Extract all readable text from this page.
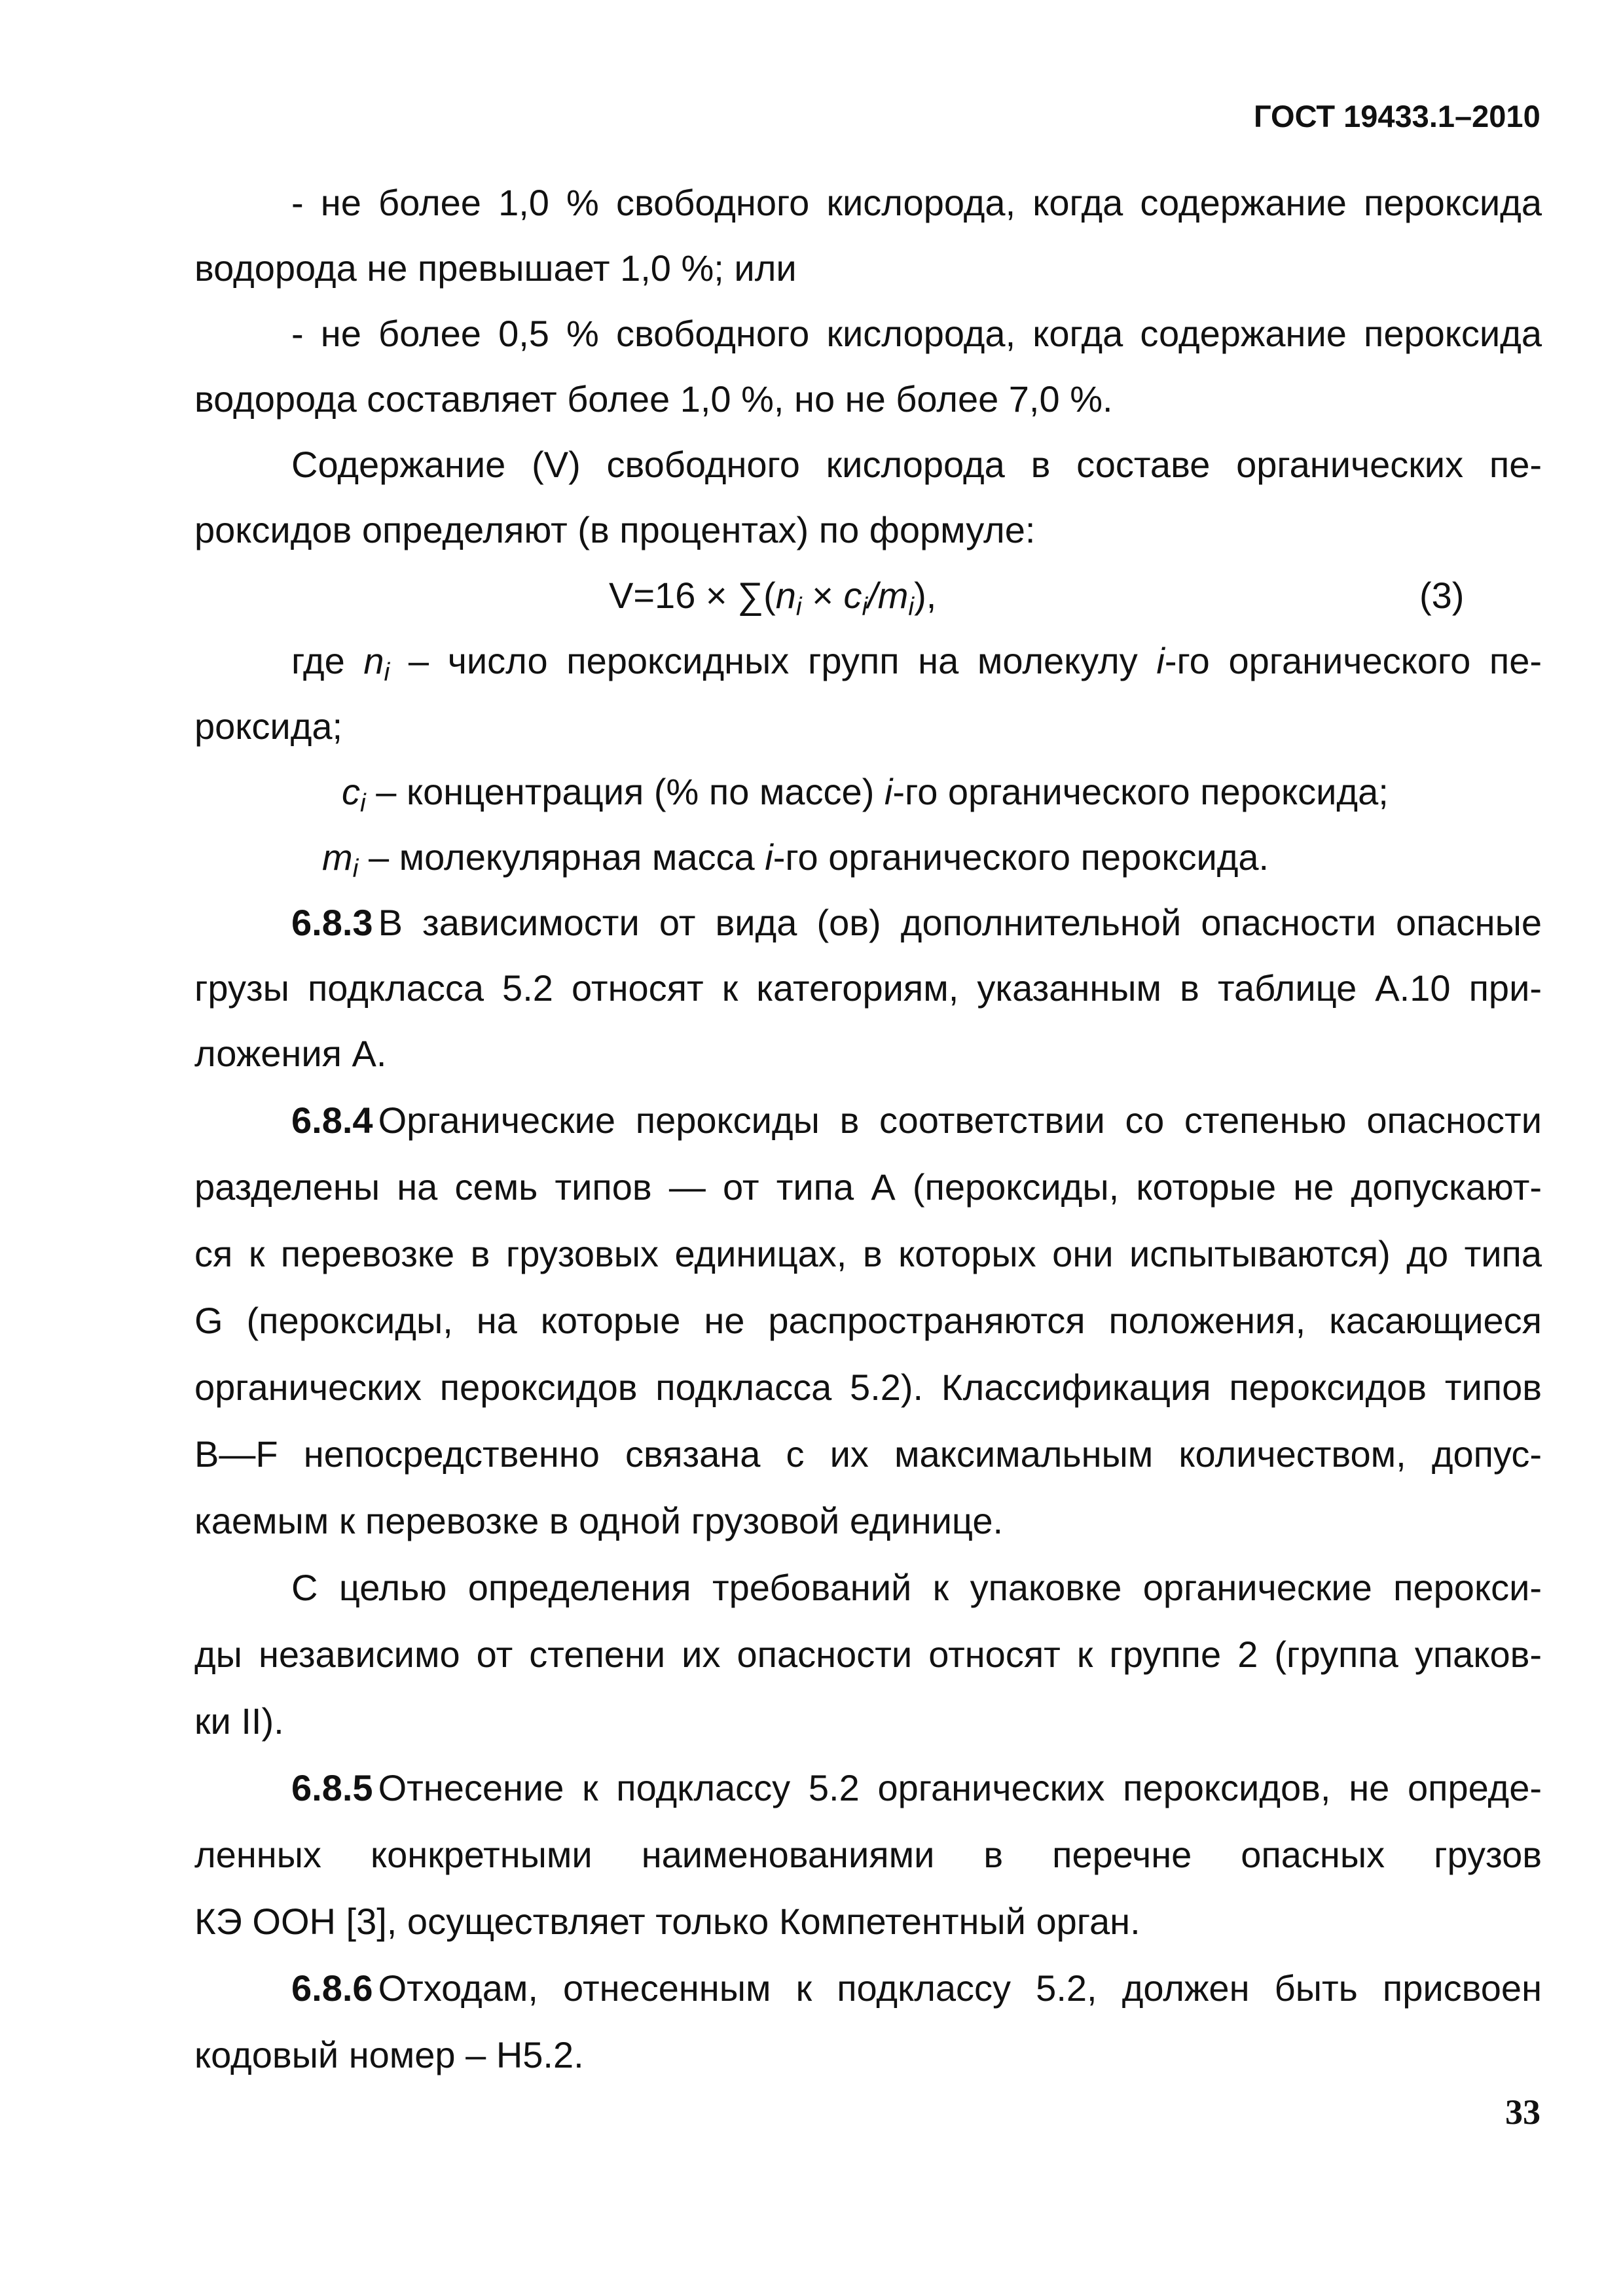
ГОСТ 19433.1–2010
- не более 1,0 % свободного кислорода, когда содержание пероксида
водорода не превышает 1,0 %; или
- не более 0,5 % свободного кислорода, когда содержание пероксида
водорода составляет более 1,0 %, но не более 7,0 %.
Содержание (V) свободного кислорода в составе органических пе-
роксидов определяют (в процентах) по формуле:
$V=16 \times \sum(n_i \times c_i/m_i)$,	(3)
где $n_i$ – число пероксидных групп на молекулу i-го органического пе-
роксида;
$c_i$ – концентрация (% по массе) i-го органического пероксида;
$m_i$ – молекулярная масса i-го органического пероксида.
6.8.3 В зависимости от вида (ов) дополнительной опасности опасные
грузы подкласса 5.2 относят к категориям, указанным в таблице А.10 при-
ложения А.
6.8.4 Органические пероксиды в соответствии со степенью опасности
разделены на семь типов — от типа А (пероксиды, которые не допускают-
ся к перевозке в грузовых единицах, в которых они испытываются) до типа
G (пероксиды, на которые не распространяются положения, касающиеся
органических пероксидов подкласса 5.2). Классификация пероксидов типов
B—F непосредственно связана с их максимальным количеством, допус-
каемым к перевозке в одной грузовой единице.
С целью определения требований к упаковке органические перокси-
ды независимо от степени их опасности относят к группе 2 (группа упаков-
ки II).
6.8.5 Отнесение к подклассу 5.2 органических пероксидов, не опреде-
ленных конкретными наименованиями в перечне опасных грузов
КЭ ООН [3], осуществляет только Компетентный орган.
6.8.6 Отходам, отнесенным к подклассу 5.2, должен быть присвоен
кодовый номер – Н5.2.
33
